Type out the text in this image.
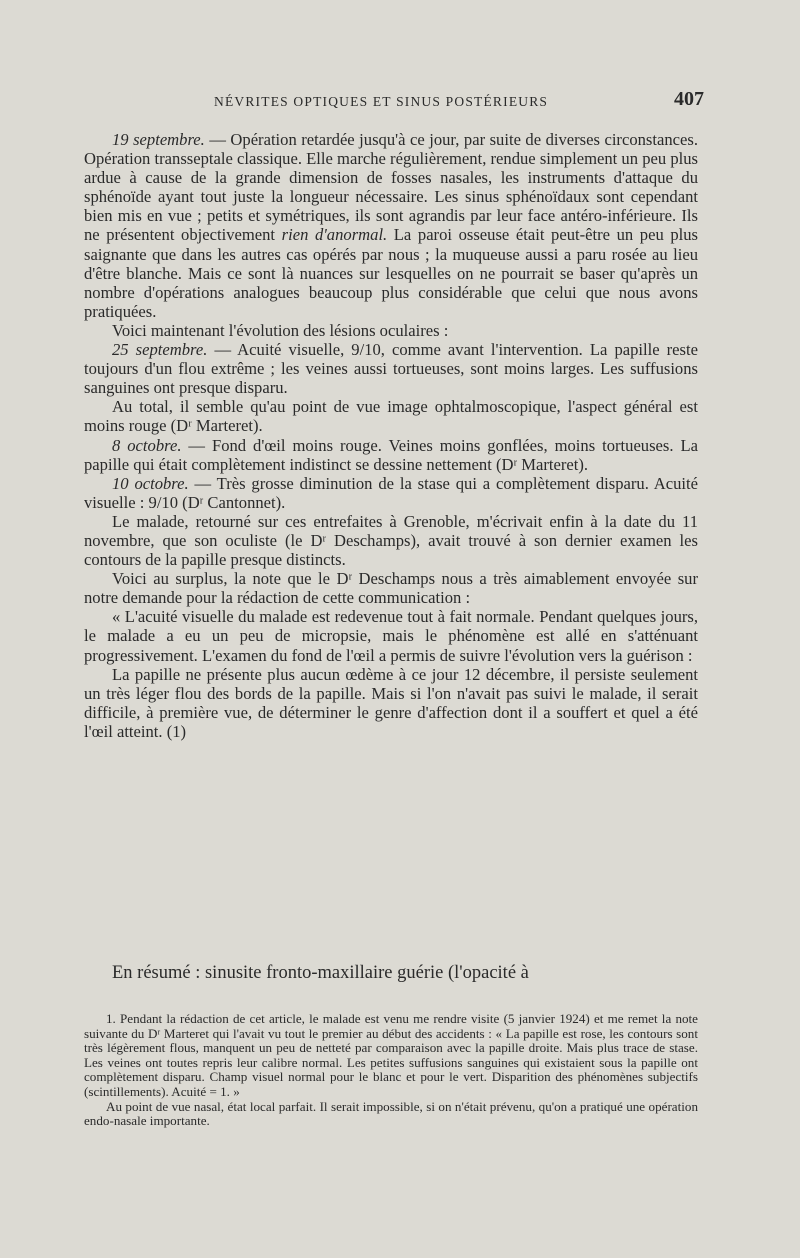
NÉVRITES OPTIQUES ET SINUS POSTÉRIEURS	407

19 septembre. — Opération retardée jusqu'à ce jour, par suite de diverses circonstances. Opération transseptale classique. Elle marche régulièrement, rendue simplement un peu plus ardue à cause de la grande dimension de fosses nasales, les instruments d'attaque du sphénoïde ayant tout juste la longueur nécessaire. Les sinus sphénoïdaux sont cependant bien mis en vue ; petits et symétriques, ils sont agrandis par leur face antéro-inférieure. Ils ne présentent objectivement rien d'anormal. La paroi osseuse était peut-être un peu plus saignante que dans les autres cas opérés par nous ; la muqueuse aussi a paru rosée au lieu d'être blanche. Mais ce sont là nuances sur lesquelles on ne pourrait se baser qu'après un nombre d'opérations analogues beaucoup plus considérable que celui que nous avons pratiquées.

Voici maintenant l'évolution des lésions oculaires :

25 septembre. — Acuité visuelle, 9/10, comme avant l'intervention. La papille reste toujours d'un flou extrême ; les veines aussi tortueuses, sont moins larges. Les suffusions sanguines ont presque disparu.

Au total, il semble qu'au point de vue image ophtalmoscopique, l'aspect général est moins rouge (Dʳ Marteret).

8 octobre. — Fond d'œil moins rouge. Veines moins gonflées, moins tortueuses. La papille qui était complètement indistinct se dessine nettement (Dʳ Marteret).

10 octobre. — Très grosse diminution de la stase qui a complètement disparu. Acuité visuelle : 9/10 (Dʳ Cantonnet).

Le malade, retourné sur ces entrefaites à Grenoble, m'écrivait enfin à la date du 11 novembre, que son oculiste (le Dʳ Deschamps), avait trouvé à son dernier examen les contours de la papille presque distincts.

Voici au surplus, la note que le Dʳ Deschamps nous a très aimablement envoyée sur notre demande pour la rédaction de cette communication :

« L'acuité visuelle du malade est redevenue tout à fait normale. Pendant quelques jours, le malade a eu un peu de micropsie, mais le phénomène est allé en s'atténuant progressivement. L'examen du fond de l'œil a permis de suivre l'évolution vers la guérison :

La papille ne présente plus aucun œdème à ce jour 12 décembre, il persiste seulement un très léger flou des bords de la papille. Mais si l'on n'avait pas suivi le malade, il serait difficile, à première vue, de déterminer le genre d'affection dont il a souffert et quel a été l'œil atteint. (1)

En résumé : sinusite fronto-maxillaire guérie (l'opacité à

1. Pendant la rédaction de cet article, le malade est venu me rendre visite (5 janvier 1924) et me remet la note suivante du Dʳ Marteret qui l'avait vu tout le premier au début des accidents : « La papille est rose, les contours sont très légèrement flous, manquent un peu de netteté par comparaison avec la papille droite. Mais plus trace de stase. Les veines ont toutes repris leur calibre normal. Les petites suffusions sanguines qui existaient sous la papille ont complètement disparu. Champ visuel normal pour le blanc et pour le vert. Disparition des phénomènes subjectifs (scintillements). Acuité = 1. »

Au point de vue nasal, état local parfait. Il serait impossible, si on n'était prévenu, qu'on a pratiqué une opération endo-nasale importante.
